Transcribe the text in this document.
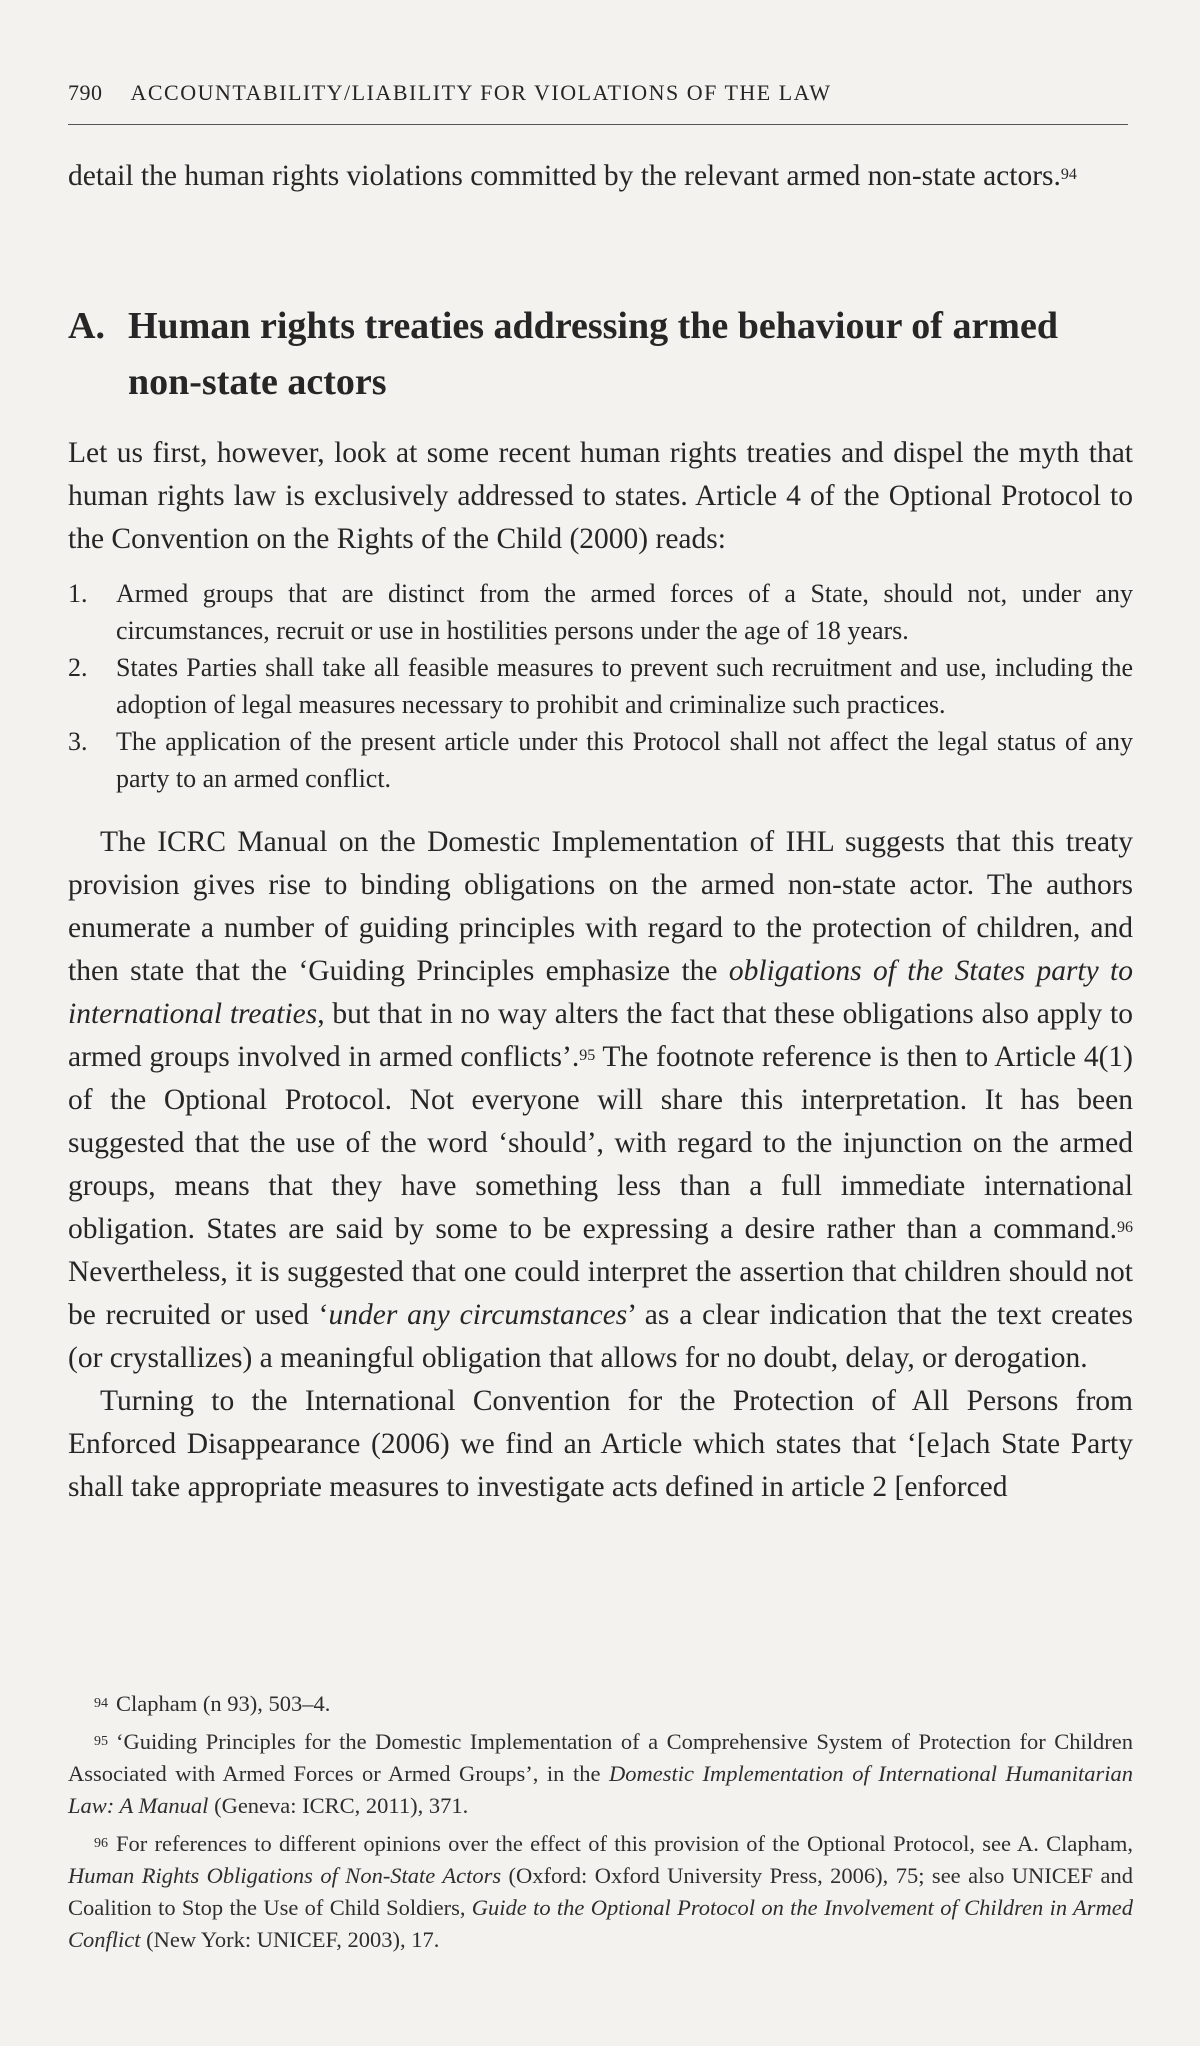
790 ACCOUNTABILITY/LIABILITY FOR VIOLATIONS OF THE LAW

detail the human rights violations committed by the relevant armed non-state actors.$^{94}$

A. Human rights treaties addressing the behaviour of armed non-state actors

Let us first, however, look at some recent human rights treaties and dispel the myth that human rights law is exclusively addressed to states. Article 4 of the Optional Protocol to the Convention on the Rights of the Child (2000) reads:

1. Armed groups that are distinct from the armed forces of a State, should not, under any circumstances, recruit or use in hostilities persons under the age of 18 years.
2. States Parties shall take all feasible measures to prevent such recruitment and use, including the adoption of legal measures necessary to prohibit and criminalize such practices.
3. The application of the present article under this Protocol shall not affect the legal status of any party to an armed conflict.

The ICRC Manual on the Domestic Implementation of IHL suggests that this treaty provision gives rise to binding obligations on the armed non-state actor. The authors enumerate a number of guiding principles with regard to the protection of children, and then state that the ‘Guiding Principles emphasize the obligations of the States party to international treaties, but that in no way alters the fact that these obligations also apply to armed groups involved in armed conflicts’.$^{95}$ The footnote reference is then to Article 4(1) of the Optional Protocol. Not everyone will share this interpretation. It has been suggested that the use of the word ‘should’, with regard to the injunction on the armed groups, means that they have something less than a full immediate international obligation. States are said by some to be expressing a desire rather than a command.$^{96}$ Nevertheless, it is suggested that one could interpret the assertion that children should not be recruited or used ‘under any circumstances’ as a clear indication that the text creates (or crystallizes) a meaningful obligation that allows for no doubt, delay, or derogation.

Turning to the International Convention for the Protection of All Persons from Enforced Disappearance (2006) we find an Article which states that ‘[e]ach State Party shall take appropriate measures to investigate acts defined in article 2 [enforced

$^{94}$ Clapham (n 93), 503–4.

$^{95}$ ‘Guiding Principles for the Domestic Implementation of a Comprehensive System of Protection for Children Associated with Armed Forces or Armed Groups’, in the Domestic Implementation of International Humanitarian Law: A Manual (Geneva: ICRC, 2011), 371.

$^{96}$ For references to different opinions over the effect of this provision of the Optional Protocol, see A. Clapham, Human Rights Obligations of Non-State Actors (Oxford: Oxford University Press, 2006), 75; see also UNICEF and Coalition to Stop the Use of Child Soldiers, Guide to the Optional Protocol on the Involvement of Children in Armed Conflict (New York: UNICEF, 2003), 17.
